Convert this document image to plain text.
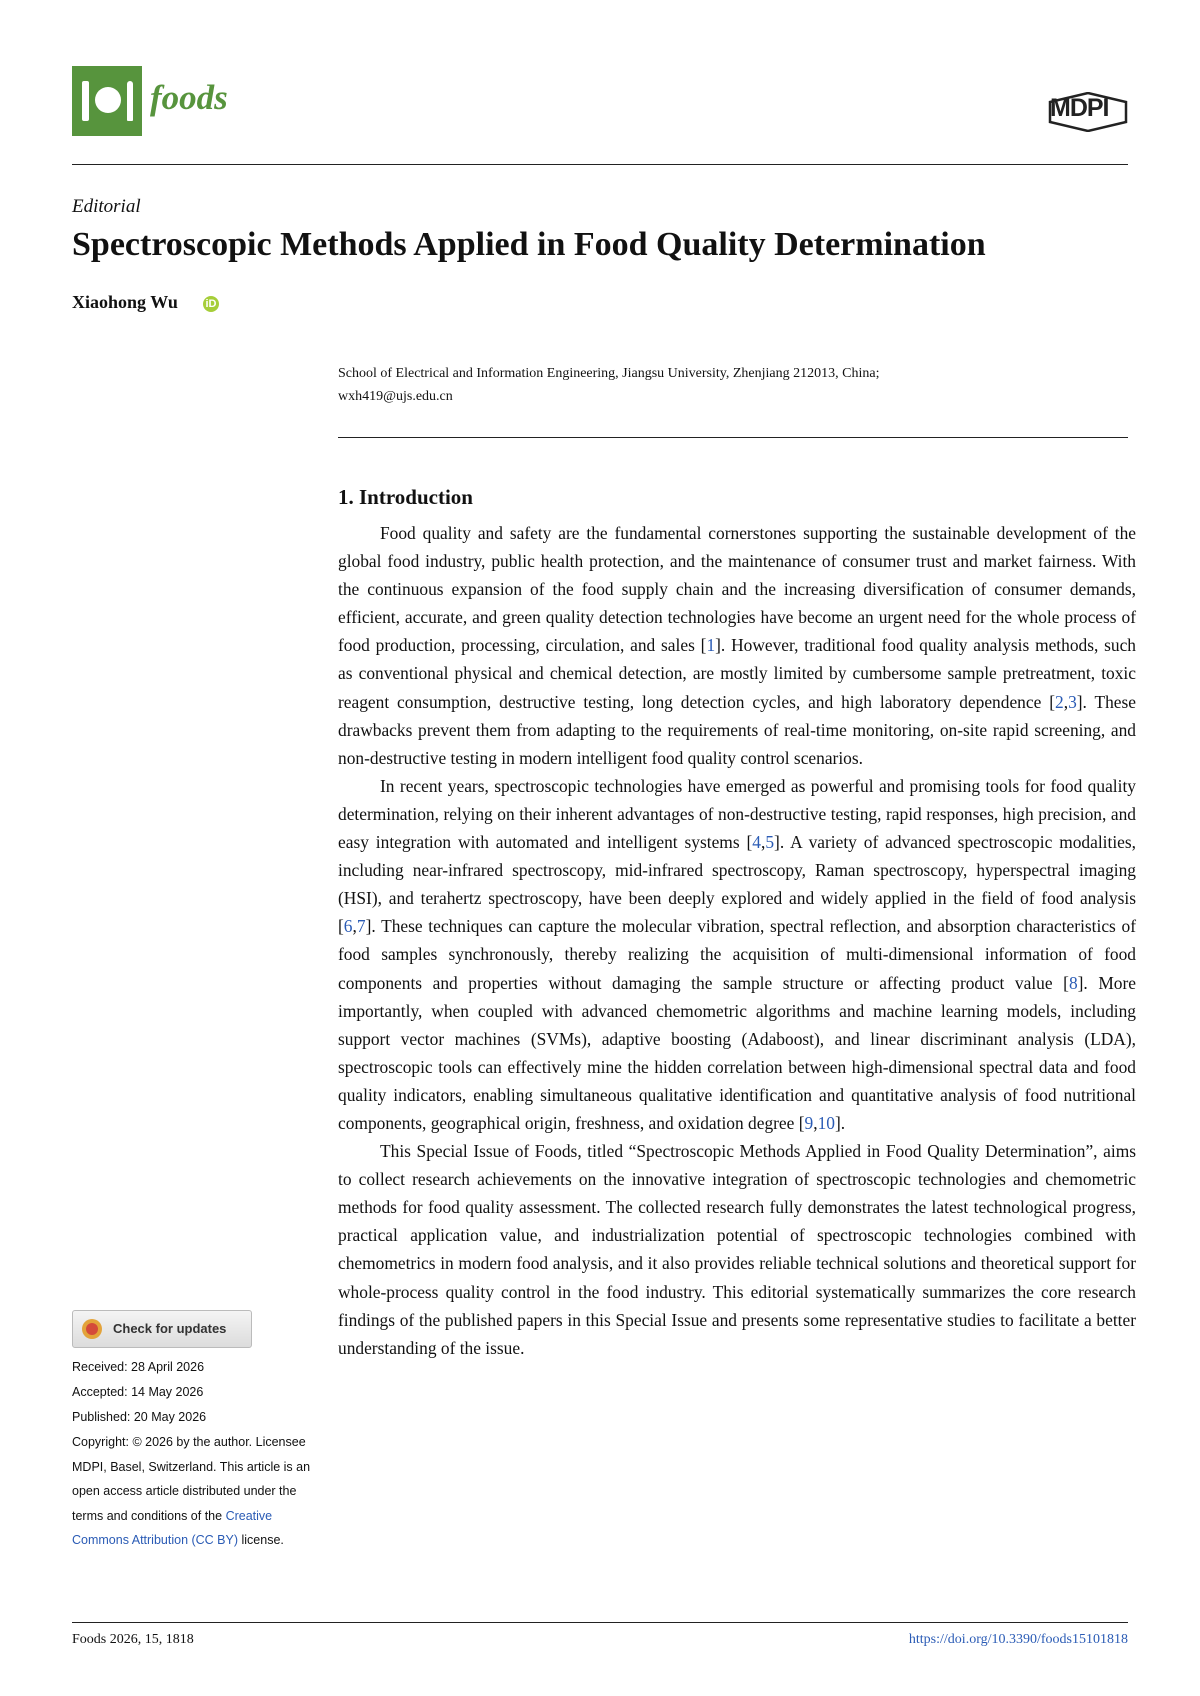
foods	MDPI
Editorial
Spectroscopic Methods Applied in Food Quality Determination
Xiaohong Wu	iD
School of Electrical and Information Engineering, Jiangsu University, Zhenjiang 212013, China;
wxh419@ujs.edu.cn
1. Introduction

Food quality and safety are the fundamental cornerstones supporting the sustainable development of the global food industry, public health protection, and the maintenance of consumer trust and market fairness. With the continuous expansion of the food supply chain and the increasing diversification of consumer demands, efficient, accurate, and green quality detection technologies have become an urgent need for the whole process of food production, processing, circulation, and sales [1]. However, traditional food quality analysis methods, such as conventional physical and chemical detection, are mostly limited by cumbersome sample pretreatment, toxic reagent consumption, destructive testing, long detection cycles, and high laboratory dependence [2,3]. These drawbacks prevent them from adapting to the requirements of real-time monitoring, on-site rapid screening, and non-destructive testing in modern intelligent food quality control scenarios.

In recent years, spectroscopic technologies have emerged as powerful and promising tools for food quality determination, relying on their inherent advantages of non-destructive testing, rapid responses, high precision, and easy integration with automated and intelligent systems [4,5]. A variety of advanced spectroscopic modalities, including near-infrared spectroscopy, mid-infrared spectroscopy, Raman spectroscopy, hyperspectral imaging (HSI), and terahertz spectroscopy, have been deeply explored and widely applied in the field of food analysis [6,7]. These techniques can capture the molecular vibration, spectral reflection, and absorption characteristics of food samples synchronously, thereby realizing the acquisition of multi-dimensional information of food components and properties without damaging the sample structure or affecting product value [8]. More importantly, when coupled with advanced chemometric algorithms and machine learning models, including support vector machines (SVMs), adaptive boosting (Adaboost), and linear discriminant analysis (LDA), spectroscopic tools can effectively mine the hidden correlation between high-dimensional spectral data and food quality indicators, enabling simultaneous qualitative identification and quantitative analysis of food nutritional components, geographical origin, freshness, and oxidation degree [9,10].

This Special Issue of Foods, titled “Spectroscopic Methods Applied in Food Quality Determination”, aims to collect research achievements on the innovative integration of spectroscopic technologies and chemometric methods for food quality assessment. The collected research fully demonstrates the latest technological progress, practical application value, and industrialization potential of spectroscopic technologies combined with chemometrics in modern food analysis, and it also provides reliable technical solutions and theoretical support for whole-process quality control in the food industry. This editorial systematically summarizes the core research findings of the published papers in this Special Issue and presents some representative studies to facilitate a better understanding of the issue.

Check for updates
Received: 28 April 2026
Accepted: 14 May 2026
Published: 20 May 2026
Copyright: © 2026 by the author. Licensee MDPI, Basel, Switzerland. This article is an open access article distributed under the terms and conditions of the Creative Commons Attribution (CC BY) license.
Foods 2026, 15, 1818	https://doi.org/10.3390/foods15101818
